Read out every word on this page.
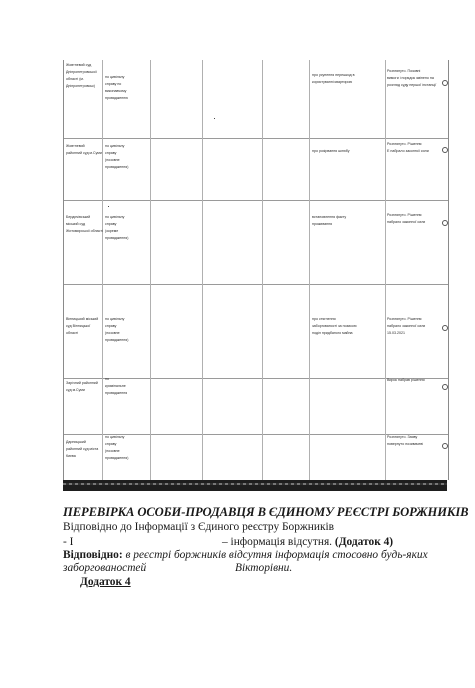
Жовтневий суд
Дніпропетровської
області (м.
Дніпропетровськ)
по цивільну
справу по
виконавчому
провадженню
про усунення перешкод в
користуванні квартирою
Розглянуто. Позовні
вимоги і порядок змінено на
розгляд суду першої інстанції
Жовтневий
районний суд м.Суми
по цивільну
справу
(позовне
провадження)
про розірвання шлюбу
Розглянуто. Рішення
Е набрало законної сили
Бердичівський
міський суд
Житомирської області
по цивільну
справу
(окреме
провадження)
встановлення факту
проживання
Розглянуто. Рішення
набрало законної сили
Вінницький міський
суд Вінницької
області
по цивільну
справу
(позовне
провадження)
про стягнення
заборгованості за позикою
поділ придбаного майна
Розглянуто. Рішення
набрало законної сили
15.03.2021
Зарічний районний
суд м.Суми
по
кримінальне
провадження
Вирок набрав рішення
Дарницький
районний суд міста
Києва
по цивільну
справу
(позовне
провадження)
Розглянуто. Заяву
повернуто позивачеві
ПЕРЕВІРКА ОСОБИ-ПРОДАВЦЯ В ЄДИНОМУ РЕЄСТРІ БОРЖНИКІВ
Відповідно до Інформації з Єдиного реєстру Боржників
- І	– інформація відсутня. (Додаток 4)
Відповідно: в реєстрі боржників відсутня інформація стосовно будь-яких
заборгованостей	Вікторівни.
Додаток 4
